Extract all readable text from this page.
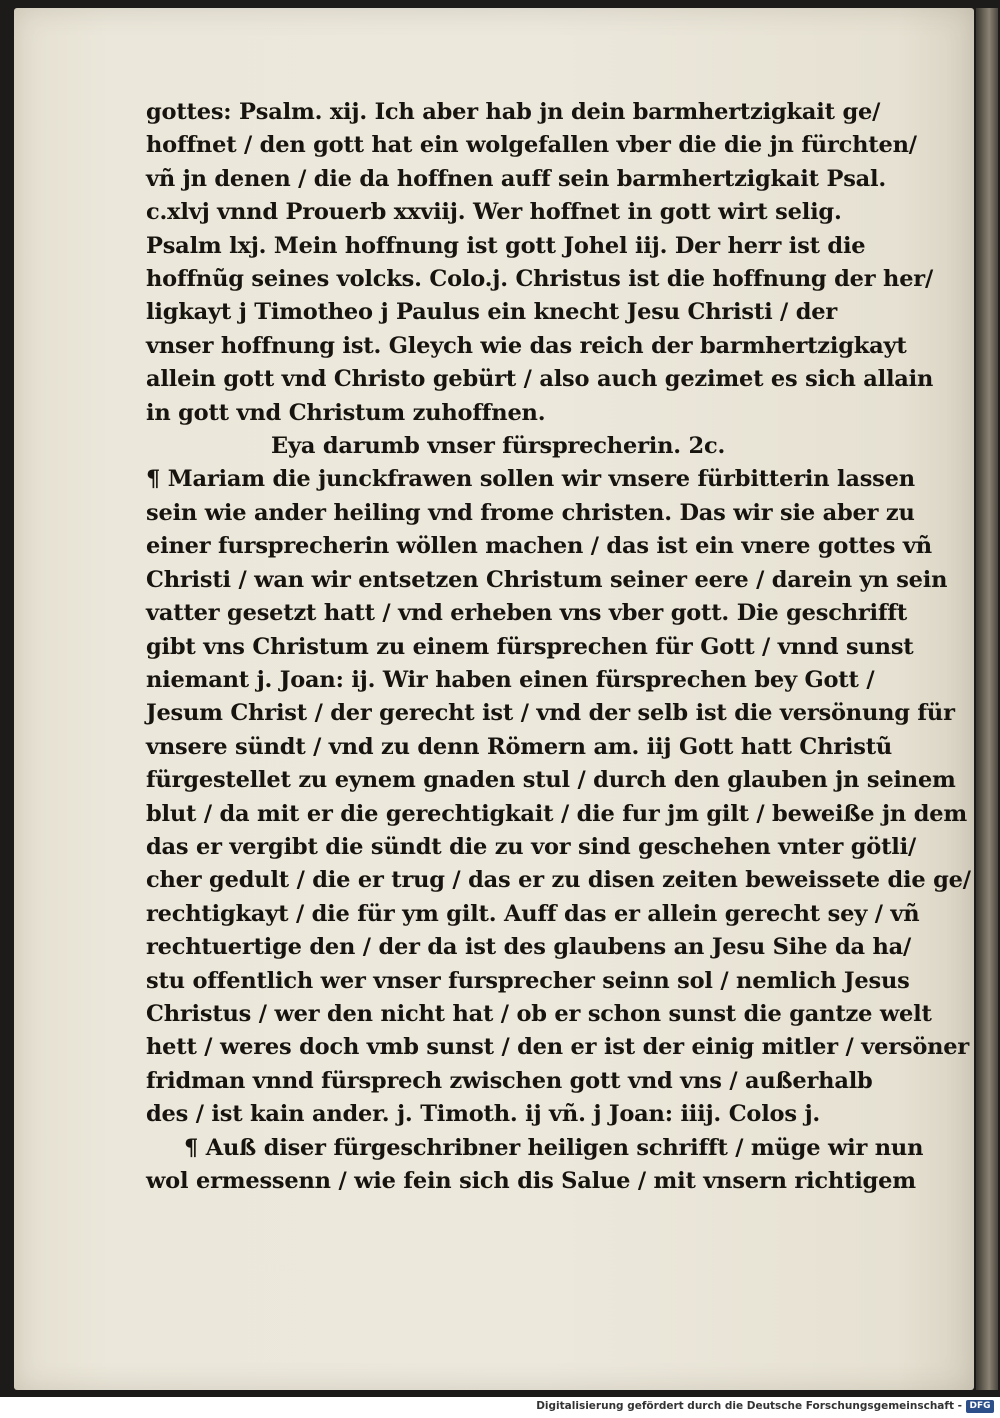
gottes: Psalm. xij. Ich aber hab jn dein barmhertzigkait ge/
hoffnet / den gott hat ein wolgefallen vber die die jn fürchten/
vñ jn denen / die da hoffnen auff sein barmhertzigkait Psal.
c.xlvj vnnd Prouerb xxviij. Wer hoffnet in gott wirt selig.
Psalm lxj. Mein hoffnung ist gott Johel iij. Der herr ist die
hoffnũg seines volcks. Colo.j. Christus ist die hoffnung der her/
ligkayt j Timotheo j Paulus ein knecht Jesu Christi / der
vnser hoffnung ist. Gleych wie das reich der barmhertzigkayt
allein gott vnd Christo gebürt / also auch gezimet es sich allain
in gott vnd Christum zuhoffnen.
Eya darumb vnser fürsprecherin. 2c.
¶ Mariam die junckfrawen sollen wir vnsere fürbitterin lassen
sein wie ander heiling vnd frome christen. Das wir sie aber zu
einer fursprecherin wöllen machen / das ist ein vnere gottes vñ
Christi / wan wir entsetzen Christum seiner eere / darein yn sein
vatter gesetzt hatt / vnd erheben vns vber gott. Die geschrifft
gibt vns Christum zu einem fürsprechen für Gott / vnnd sunst
niemant j. Joan: ij. Wir haben einen fürsprechen bey Gott /
Jesum Christ / der gerecht ist / vnd der selb ist die versönung für
vnsere sündt / vnd zu denn Römern am. iij Gott hatt Christũ
fürgestellet zu eynem gnaden stul / durch den glauben jn seinem
blut / da mit er die gerechtigkait / die fur jm gilt / beweiße jn dem
das er vergibt die sündt die zu vor sind geschehen vnter götli/
cher gedult / die er trug / das er zu disen zeiten beweissete die ge/
rechtigkayt / die für ym gilt. Auff das er allein gerecht sey / vñ
rechtuertige den / der da ist des glaubens an Jesu Sihe da ha/
stu offentlich wer vnser fursprecher seinn sol / nemlich Jesus
Christus / wer den nicht hat / ob er schon sunst die gantze welt
hett / weres doch vmb sunst / den er ist der einig mitler / versöner
fridman vnnd fürsprech zwischen gott vnd vns / außerhalb
des / ist kain ander. j. Timoth. ij vñ. j Joan: iiij. Colos j.
¶ Auß diser fürgeschribner heiligen schrifft / müge wir nun
wol ermessenn / wie fein sich dis Salue / mit vnsern richtigem
Digitalisierung gefördert durch die Deutsche Forschungsgemeinschaft - DFG
